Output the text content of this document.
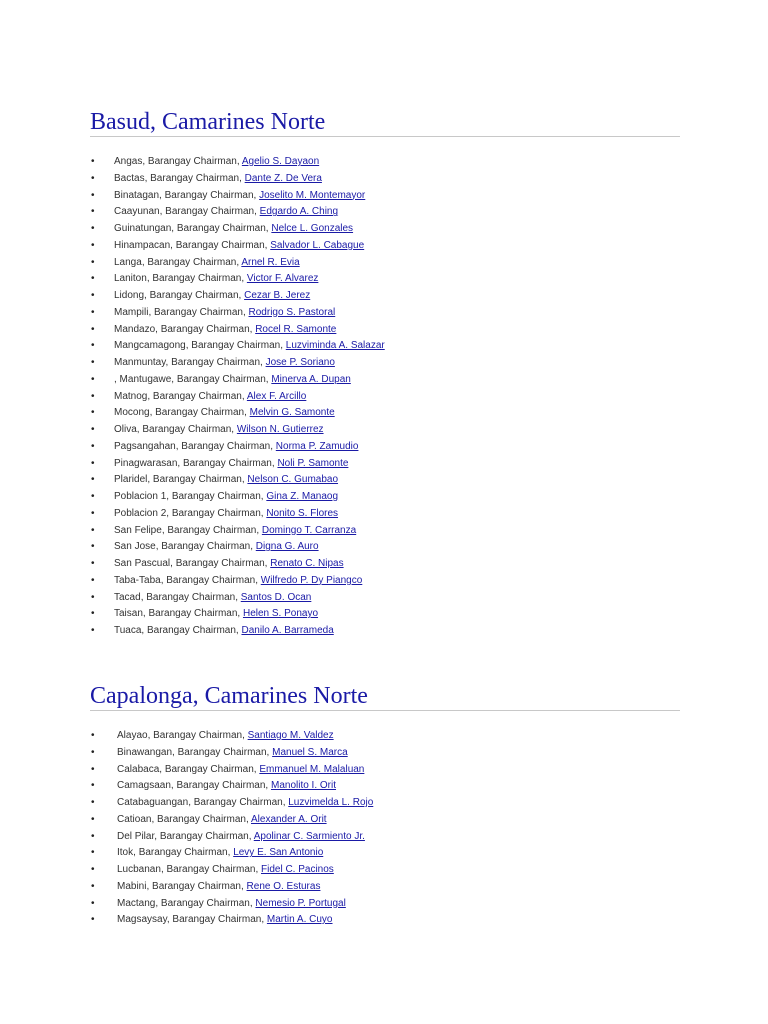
Basud, Camarines Norte
• Angas, Barangay Chairman, Agelio S. Dayaon
• Bactas, Barangay Chairman, Dante Z. De Vera
• Binatagan, Barangay Chairman, Joselito M. Montemayor
• Caayunan, Barangay Chairman, Edgardo A. Ching
• Guinatungan, Barangay Chairman, Nelce L. Gonzales
• Hinampacan, Barangay Chairman, Salvador L. Cabague
• Langa, Barangay Chairman, Arnel R. Evia
• Laniton, Barangay Chairman, Victor F. Alvarez
• Lidong, Barangay Chairman, Cezar B. Jerez
• Mampili, Barangay Chairman, Rodrigo S. Pastoral
• Mandazo, Barangay Chairman, Rocel R. Samonte
• Mangcamagong, Barangay Chairman, Luzviminda A. Salazar
• Manmuntay, Barangay Chairman, Jose P. Soriano
• , Mantugawe, Barangay Chairman, Minerva A. Dupan
• Matnog, Barangay Chairman, Alex F. Arcillo
• Mocong, Barangay Chairman, Melvin G. Samonte
• Oliva, Barangay Chairman, Wilson N. Gutierrez
• Pagsangahan, Barangay Chairman, Norma P. Zamudio
• Pinagwarasan, Barangay Chairman, Noli P. Samonte
• Plaridel, Barangay Chairman, Nelson C. Gumabao
• Poblacion 1, Barangay Chairman, Gina Z. Manaog
• Poblacion 2, Barangay Chairman, Nonito S. Flores
• San Felipe, Barangay Chairman, Domingo T. Carranza
• San Jose, Barangay Chairman, Digna G. Auro
• San Pascual, Barangay Chairman, Renato C. Nipas
• Taba-Taba, Barangay Chairman, Wilfredo P. Dy Piangco
• Tacad, Barangay Chairman, Santos D. Ocan
• Taisan, Barangay Chairman, Helen S. Ponayo
• Tuaca, Barangay Chairman, Danilo A. Barrameda
Capalonga, Camarines Norte
• Alayao, Barangay Chairman, Santiago M. Valdez
• Binawangan, Barangay Chairman, Manuel S. Marca
• Calabaca, Barangay Chairman, Emmanuel M. Malaluan
• Camagsaan, Barangay Chairman, Manolito I. Orit
• Catabaguangan, Barangay Chairman, Luzvimelda L. Rojo
• Catioan, Barangay Chairman, Alexander A. Orit
• Del Pilar, Barangay Chairman, Apolinar C. Sarmiento Jr.
• Itok, Barangay Chairman, Levy E. San Antonio
• Lucbanan, Barangay Chairman, Fidel C. Pacinos
• Mabini, Barangay Chairman, Rene O. Esturas
• Mactang, Barangay Chairman, Nemesio P. Portugal
• Magsaysay, Barangay Chairman, Martin A. Cuyo
